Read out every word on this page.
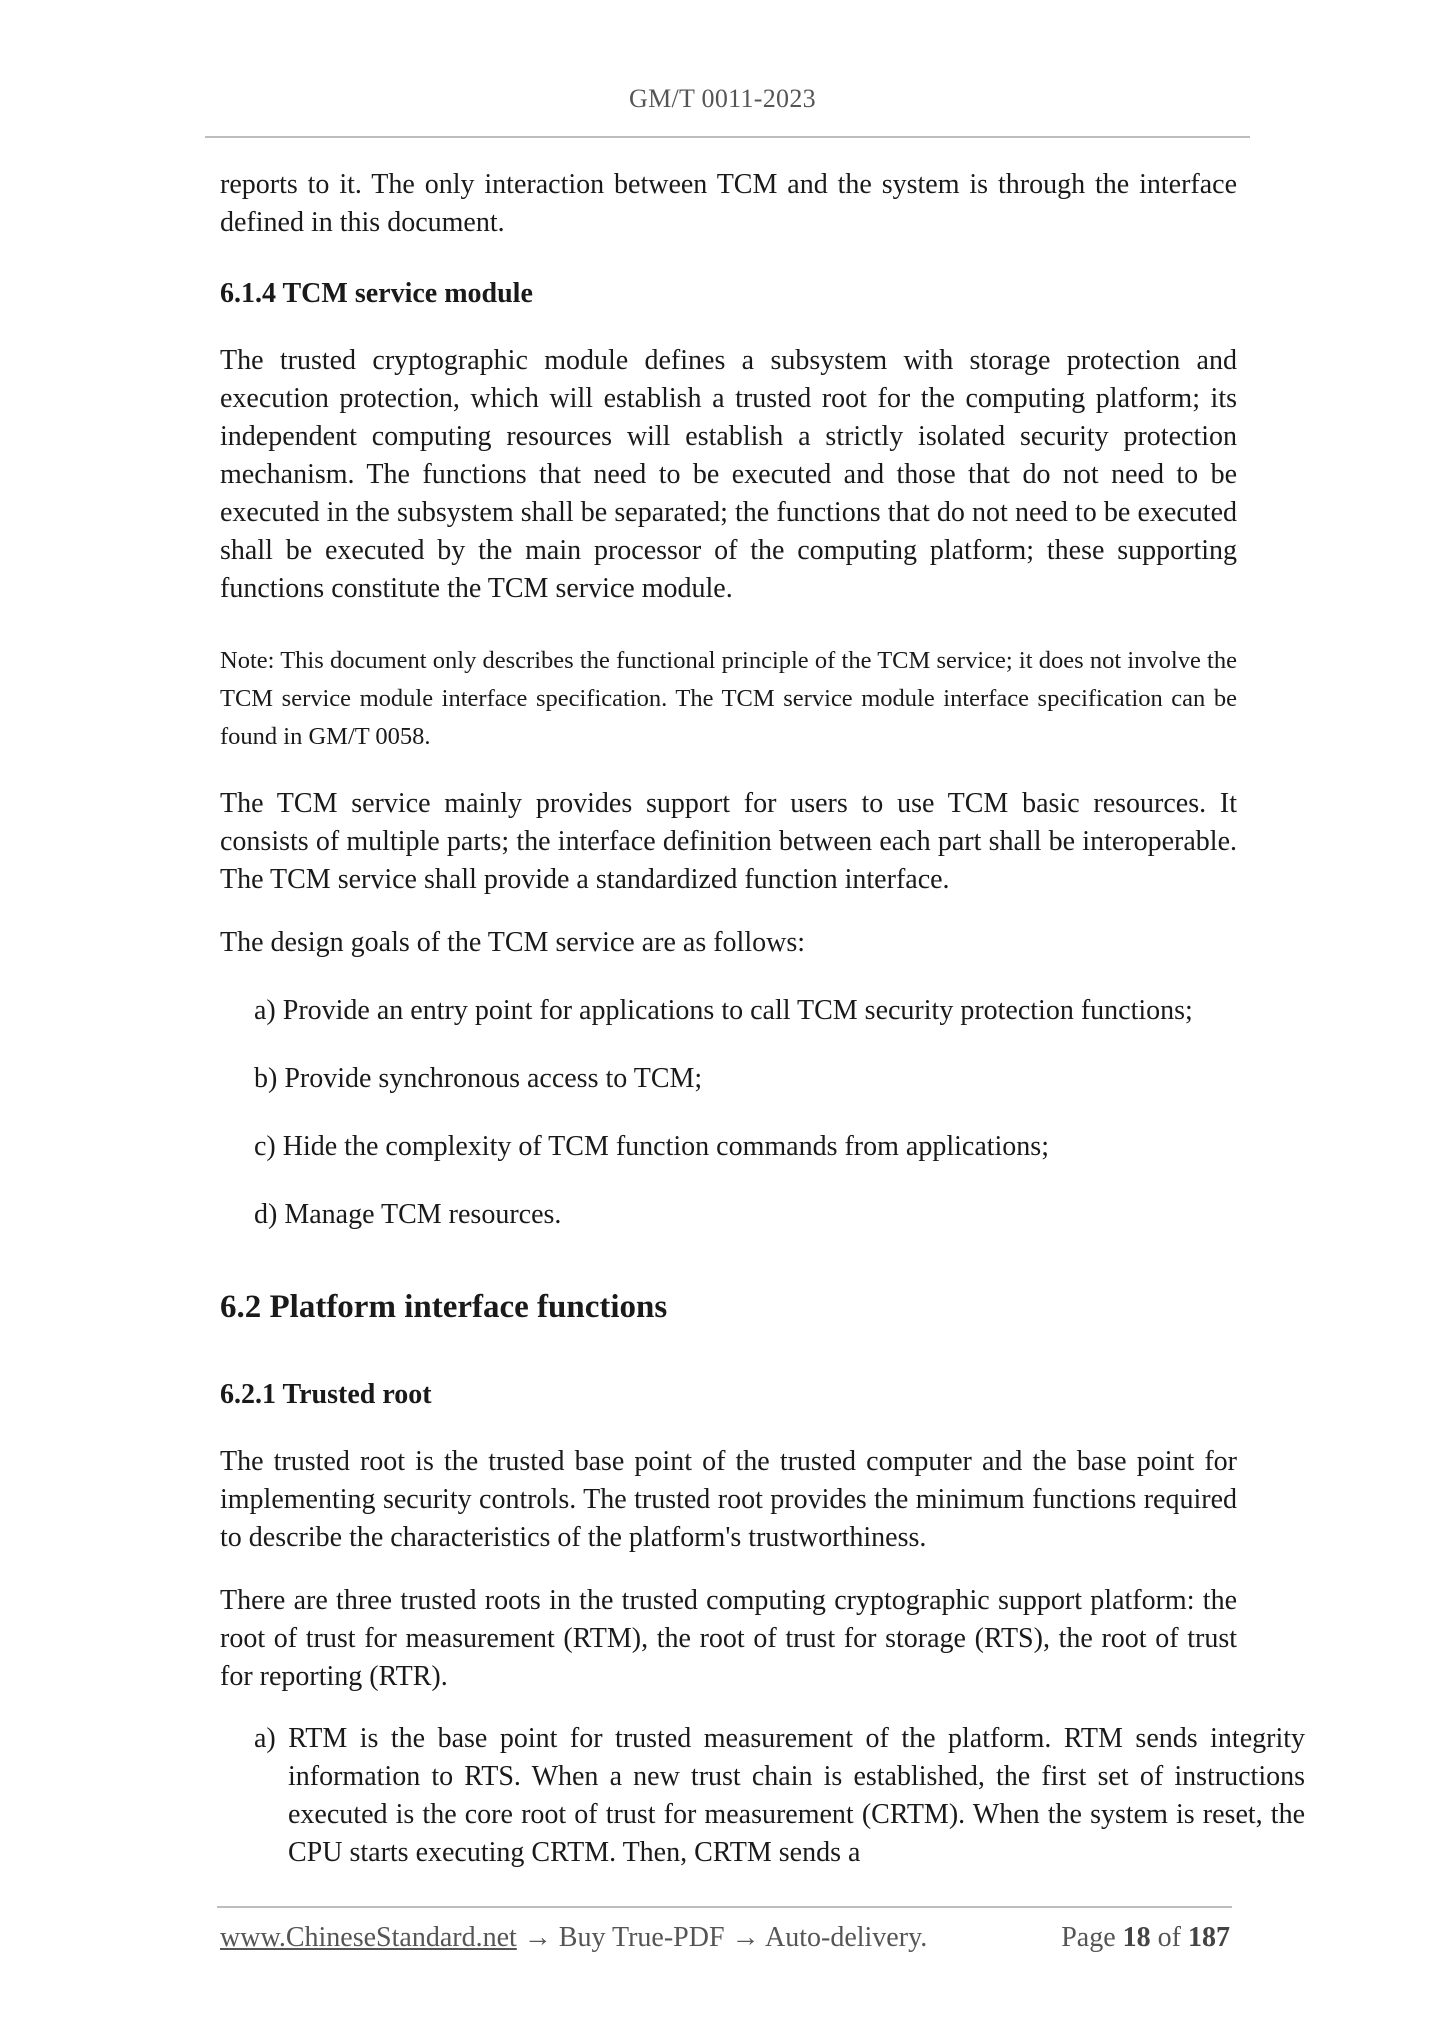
GM/T 0011-2023

reports to it. The only interaction between TCM and the system is through the interface defined in this document.

6.1.4 TCM service module

The trusted cryptographic module defines a subsystem with storage protection and execution protection, which will establish a trusted root for the computing platform; its independent computing resources will establish a strictly isolated security protection mechanism. The functions that need to be executed and those that do not need to be executed in the subsystem shall be separated; the functions that do not need to be executed shall be executed by the main processor of the computing platform; these supporting functions constitute the TCM service module.

Note: This document only describes the functional principle of the TCM service; it does not involve the TCM service module interface specification. The TCM service module interface specification can be found in GM/T 0058.

The TCM service mainly provides support for users to use TCM basic resources. It consists of multiple parts; the interface definition between each part shall be interoperable. The TCM service shall provide a standardized function interface.

The design goals of the TCM service are as follows:

a) Provide an entry point for applications to call TCM security protection functions;

b) Provide synchronous access to TCM;

c) Hide the complexity of TCM function commands from applications;

d) Manage TCM resources.

6.2 Platform interface functions
6.2.1 Trusted root

The trusted root is the trusted base point of the trusted computer and the base point for implementing security controls. The trusted root provides the minimum functions required to describe the characteristics of the platform's trustworthiness.

There are three trusted roots in the trusted computing cryptographic support platform: the root of trust for measurement (RTM), the root of trust for storage (RTS), the root of trust for reporting (RTR).

a) RTM is the base point for trusted measurement of the platform. RTM sends integrity information to RTS. When a new trust chain is established, the first set of instructions executed is the core root of trust for measurement (CRTM). When the system is reset, the CPU starts executing CRTM. Then, CRTM sends a

www.ChineseStandard.net → Buy True-PDF → Auto-delivery.	Page 18 of 187
